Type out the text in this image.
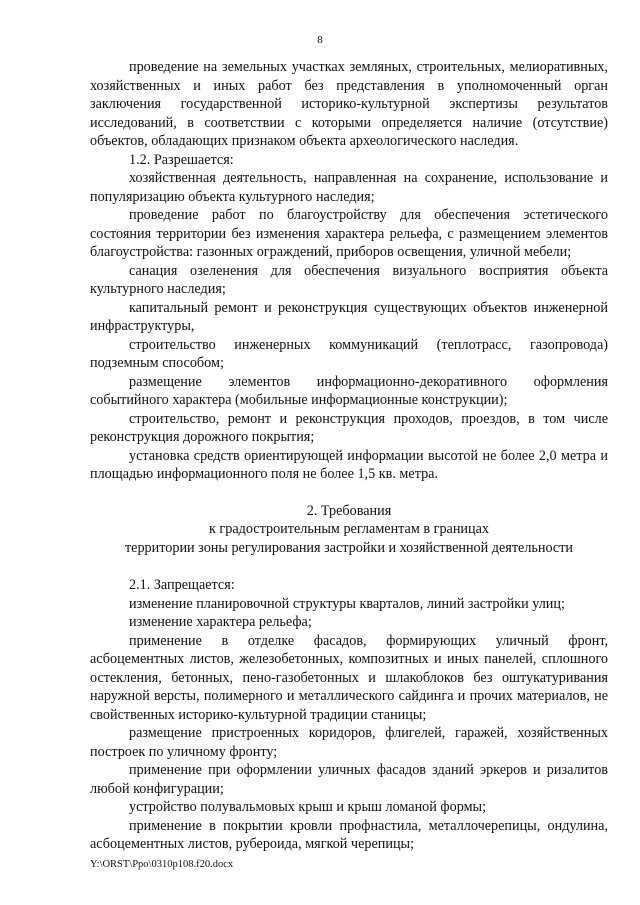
8

проведение на земельных участках земляных, строительных, мелиоративных, хозяйственных и иных работ без представления в уполномоченный орган заключения государственной историко-культурной экспертизы результатов исследований, в соответствии с которыми определяется наличие (отсутствие) объектов, обладающих признаком объекта археологического наследия.

1.2. Разрешается:

хозяйственная деятельность, направленная на сохранение, использование и популяризацию объекта культурного наследия;

проведение работ по благоустройству для обеспечения эстетического состояния территории без изменения характера рельефа, с размещением элементов благоустройства: газонных ограждений, приборов освещения, уличной мебели;

санация озеленения для обеспечения визуального восприятия объекта культурного наследия;

капитальный ремонт и реконструкция существующих объектов инженерной инфраструктуры,

строительство инженерных коммуникаций (теплотрасс, газопровода) подземным способом;

размещение элементов информационно-декоративного оформления событийного характера (мобильные информационные конструкции);

строительство, ремонт и реконструкция проходов, проездов, в том числе реконструкция дорожного покрытия;

установка средств ориентирующей информации высотой не более 2,0 метра и площадью информационного поля не более 1,5 кв. метра.

2. Требования

к градостроительным регламентам в границах

территории зоны регулирования застройки и хозяйственной деятельности

2.1. Запрещается:

изменение планировочной структуры кварталов, линий застройки улиц;

изменение характера рельефа;

применение в отделке фасадов, формирующих уличный фронт, асбоцементных листов, железобетонных, композитных и иных панелей, сплошного остекления, бетонных, пено-газобетонных и шлакоблоков без оштукатуривания наружной версты, полимерного и металлического сайдинга и прочих материалов, не свойственных историко-культурной традиции станицы;

размещение пристроенных коридоров, флигелей, гаражей, хозяйственных построек по уличному фронту;

применение при оформлении уличных фасадов зданий эркеров и ризалитов любой конфигурации;

устройство полувальмовых крыш и крыш ломаной формы;

применение в покрытии кровли профнастила, металлочерепицы, ондулина, асбоцементных листов, рубероида, мягкой черепицы;

Y:\ORST\Ppo\0310p108.f20.docx
